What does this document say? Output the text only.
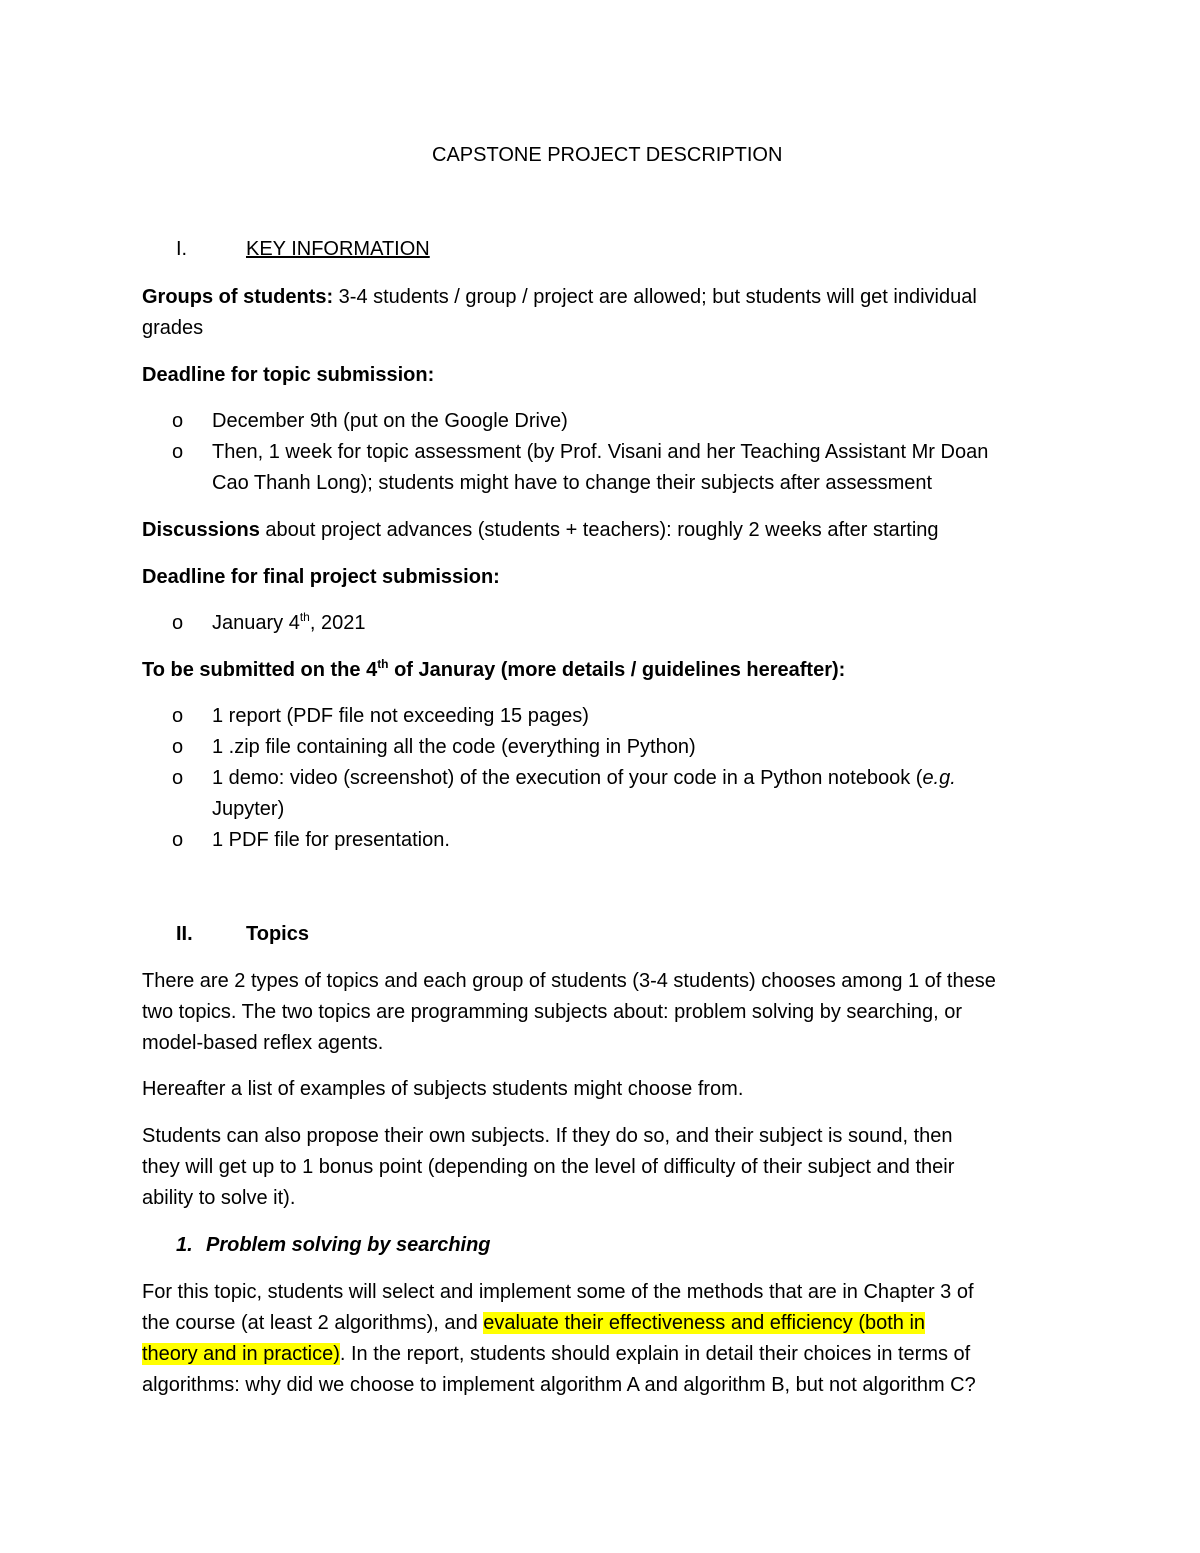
CAPSTONE PROJECT DESCRIPTION
I.	KEY INFORMATION
Groups of students: 3-4 students / group / project are allowed; but students will get individual
grades
Deadline for topic submission:
o December 9th (put on the Google Drive)
o Then, 1 week for topic assessment (by Prof. Visani and her Teaching Assistant Mr Doan
Cao Thanh Long); students might have to change their subjects after assessment
Discussions about project advances (students + teachers): roughly 2 weeks after starting
Deadline for final project submission:
o January 4th, 2021
To be submitted on the 4th of Januray (more details / guidelines hereafter):
o 1 report (PDF file not exceeding 15 pages)
o 1 .zip file containing all the code (everything in Python)
o 1 demo: video (screenshot) of the execution of your code in a Python notebook (e.g.
Jupyter)
o 1 PDF file for presentation.
II.	Topics
There are 2 types of topics and each group of students (3-4 students) chooses among 1 of these
two topics. The two topics are programming subjects about: problem solving by searching, or
model-based reflex agents.
Hereafter a list of examples of subjects students might choose from.
Students can also propose their own subjects. If they do so, and their subject is sound, then
they will get up to 1 bonus point (depending on the level of difficulty of their subject and their
ability to solve it).
1. Problem solving by searching
For this topic, students will select and implement some of the methods that are in Chapter 3 of
the course (at least 2 algorithms), and evaluate their effectiveness and efficiency (both in
theory and in practice). In the report, students should explain in detail their choices in terms of
algorithms: why did we choose to implement algorithm A and algorithm B, but not algorithm C?
